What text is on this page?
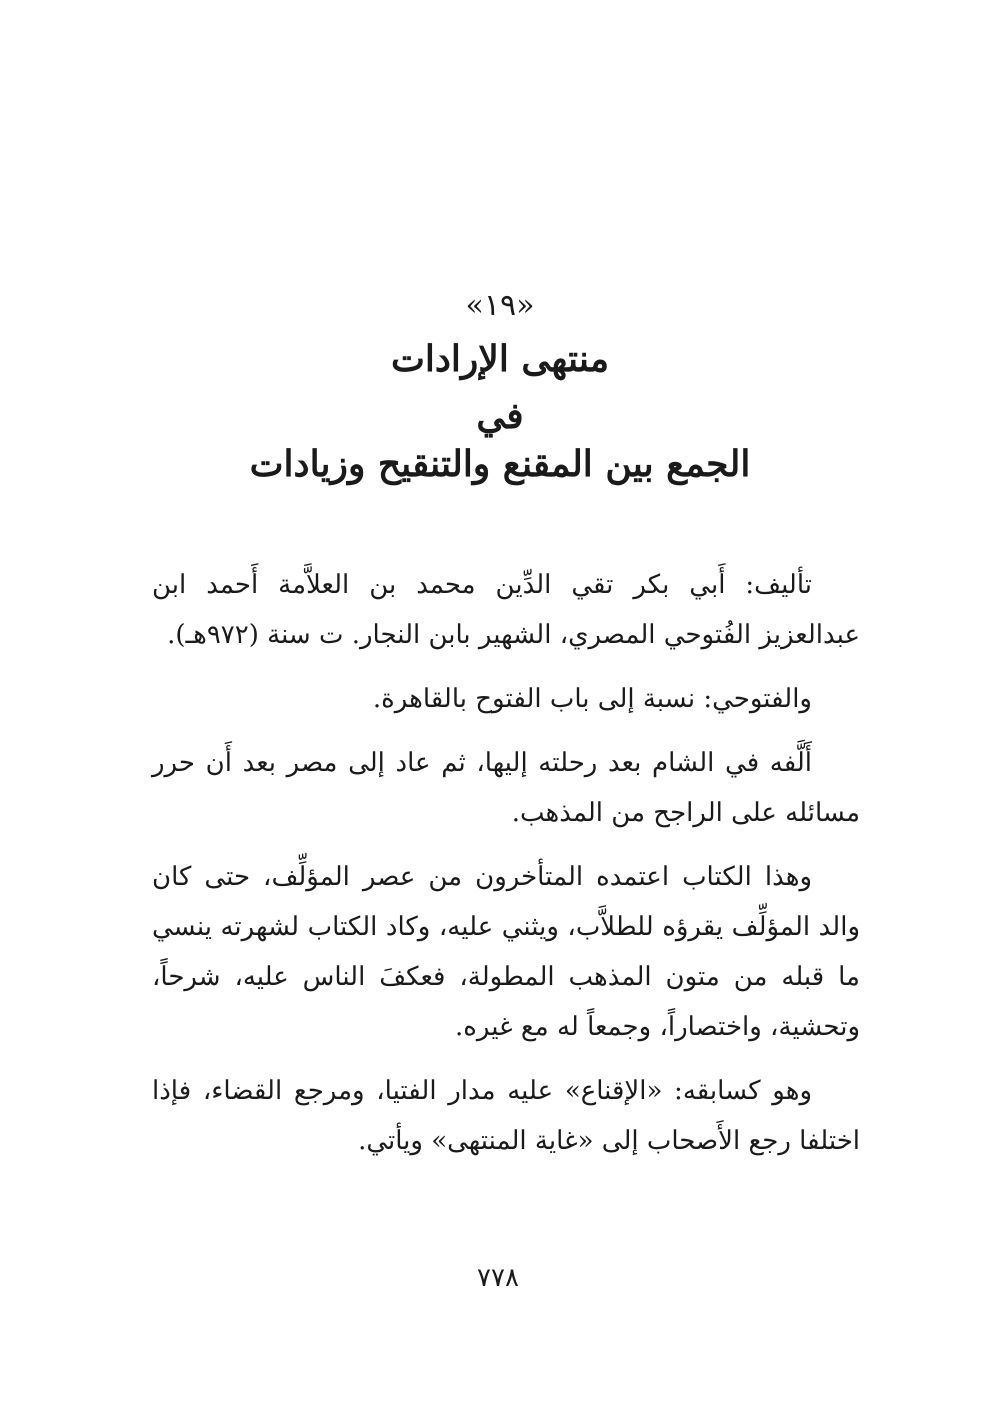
«١٩»
منتهى الإرادات
في
الجمع بين المقنع والتنقيح وزيادات

تأليف: أَبي بكر تقي الدِّين محمد بن العلاَّمة أَحمد ابن عبدالعزيز الفُتوحي المصري، الشهير بابن النجار. ت سنة (٩٧٢هـ).

والفتوحي: نسبة إلى باب الفتوح بالقاهرة.

أَلَّفه في الشام بعد رحلته إليها، ثم عاد إلى مصر بعد أَن حرر مسائله على الراجح من المذهب.

وهذا الكتاب اعتمده المتأخرون من عصر المؤلِّف، حتى كان والد المؤلِّف يقرؤه للطلاَّب، ويثني عليه، وكاد الكتاب لشهرته ينسي ما قبله من متون المذهب المطولة، فعكفَ الناس عليه، شرحاً، وتحشية، واختصاراً، وجمعاً له مع غيره.

وهو كسابقه: «الإقناع» عليه مدار الفتيا، ومرجع القضاء، فإذا اختلفا رجع الأَصحاب إلى «غاية المنتهى» ويأتي.

٧٧٨
